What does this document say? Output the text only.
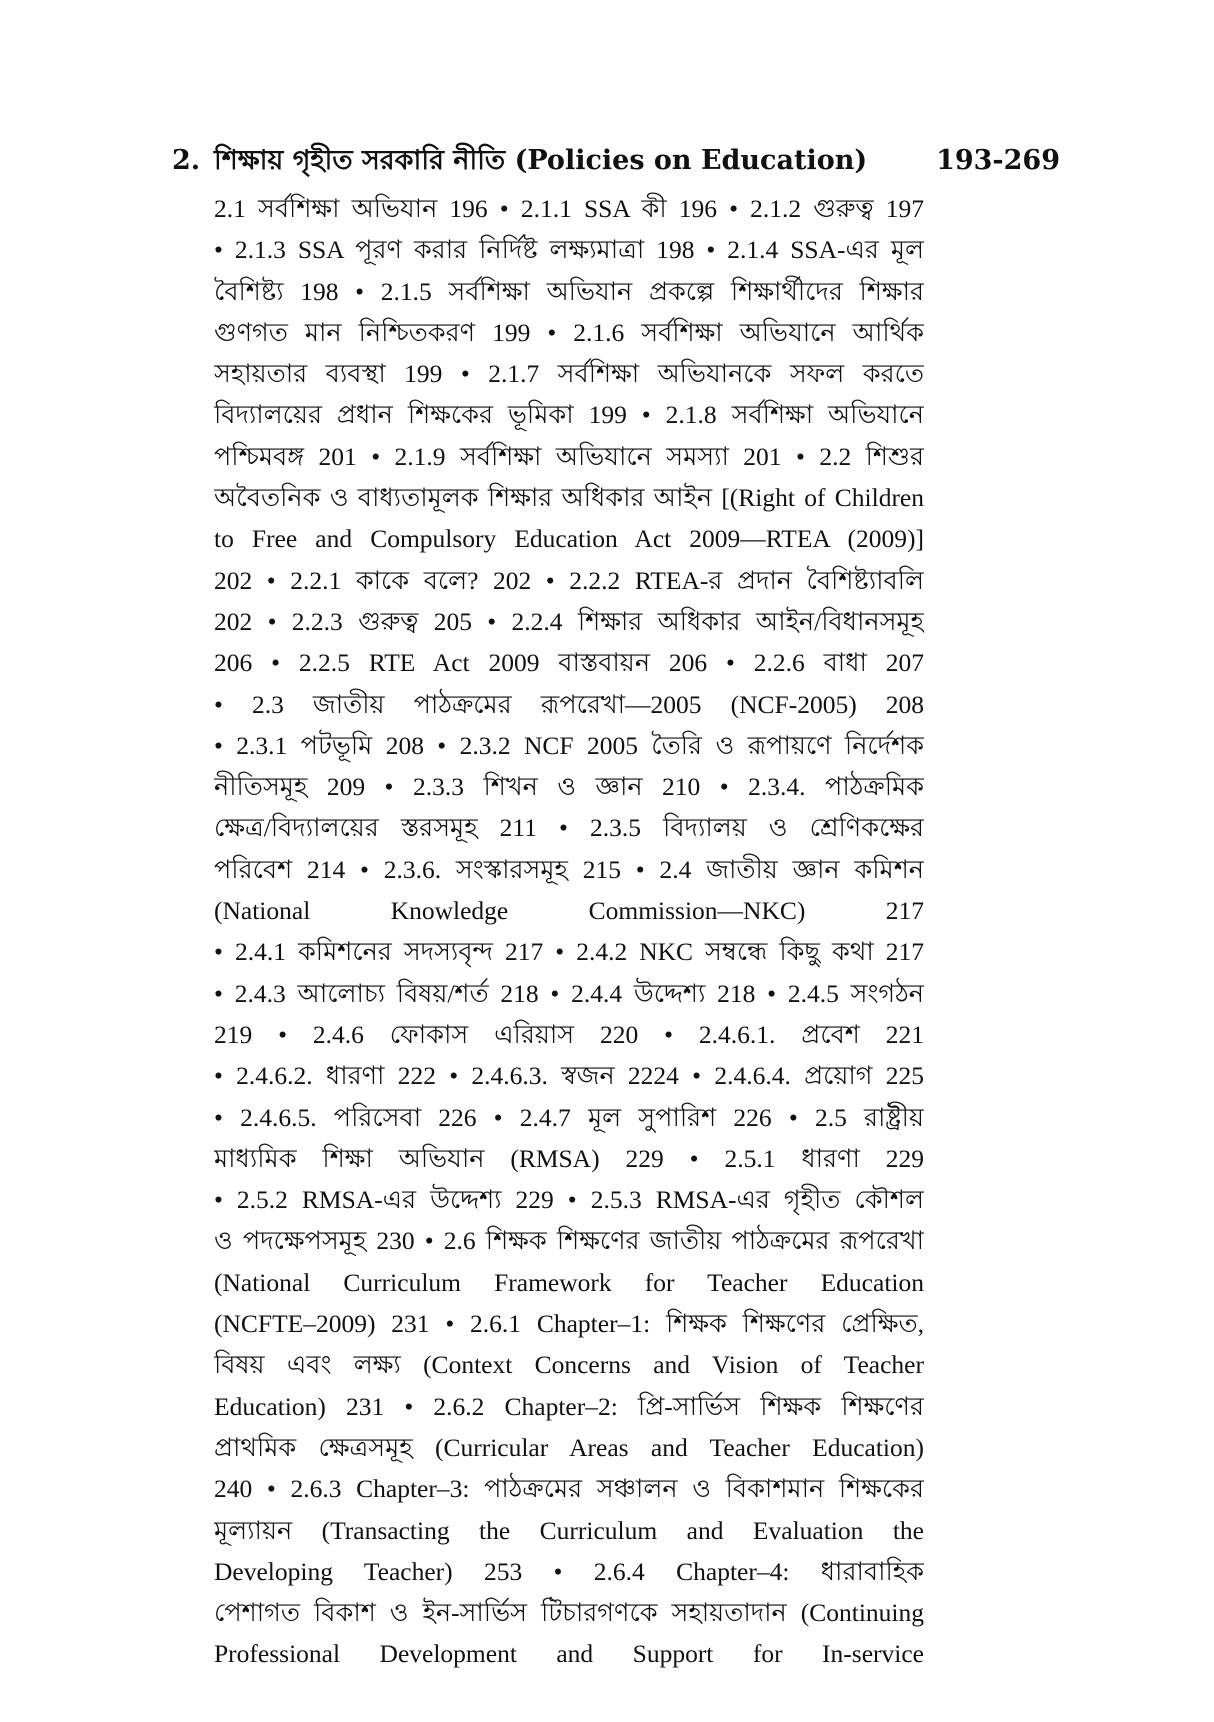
2. শিক্ষায় গৃহীত সরকারি নীতি (Policies on Education)	193-269
2.1 সর্বশিক্ষা অভিযান 196 • 2.1.1 SSA কী 196 • 2.1.2 গুরুত্ব 197
• 2.1.3 SSA পূরণ করার নির্দিষ্ট লক্ষ্যমাত্রা 198 • 2.1.4 SSA-এর মূল
বৈশিষ্ট্য 198 • 2.1.5 সর্বশিক্ষা অভিযান প্রকল্পে শিক্ষার্থীদের শিক্ষার
গুণগত মান নিশ্চিতকরণ 199 • 2.1.6 সর্বশিক্ষা অভিযানে আর্থিক
সহায়তার ব্যবস্থা 199 • 2.1.7 সর্বশিক্ষা অভিযানকে সফল করতে
বিদ্যালয়ের প্রধান শিক্ষকের ভূমিকা 199 • 2.1.8 সর্বশিক্ষা অভিযানে
পশ্চিমবঙ্গ 201 • 2.1.9 সর্বশিক্ষা অভিযানে সমস্যা 201 • 2.2 শিশুর
অবৈতনিক ও বাধ্যতামূলক শিক্ষার অধিকার আইন [(Right of Children
to Free and Compulsory Education Act 2009—RTEA (2009)]
202 • 2.2.1 কাকে বলে? 202 • 2.2.2 RTEA-র প্রদান বৈশিষ্ট্যাবলি
202 • 2.2.3 গুরুত্ব 205 • 2.2.4 শিক্ষার অধিকার আইন/বিধানসমূহ
206 • 2.2.5 RTE Act 2009 বাস্তবায়ন 206 • 2.2.6 বাধা 207
• 2.3 জাতীয় পাঠক্রমের রূপরেখা—2005 (NCF-2005) 208
• 2.3.1 পটভূমি 208 • 2.3.2 NCF 2005 তৈরি ও রূপায়ণে নির্দেশক
নীতিসমূহ 209 • 2.3.3 শিখন ও জ্ঞান 210 • 2.3.4. পাঠক্রমিক
ক্ষেত্র/বিদ্যালয়ের স্তরসমূহ 211 • 2.3.5 বিদ্যালয় ও শ্রেণিকক্ষের
পরিবেশ 214 • 2.3.6. সংস্কারসমূহ 215 • 2.4 জাতীয় জ্ঞান কমিশন
(National Knowledge Commission—NKC) 217
• 2.4.1 কমিশনের সদস্যবৃন্দ 217 • 2.4.2 NKC সম্বন্ধে কিছু কথা 217
• 2.4.3 আলোচ্য বিষয়/শর্ত 218 • 2.4.4 উদ্দেশ্য 218 • 2.4.5 সংগঠন
219 • 2.4.6 ফোকাস এরিয়াস 220 • 2.4.6.1. প্রবেশ 221
• 2.4.6.2. ধারণা 222 • 2.4.6.3. স্বজন 2224 • 2.4.6.4. প্রয়োগ 225
• 2.4.6.5. পরিসেবা 226 • 2.4.7 মূল সুপারিশ 226 • 2.5 রাষ্ট্রীয়
মাধ্যমিক শিক্ষা অভিযান (RMSA) 229 • 2.5.1 ধারণা 229
• 2.5.2 RMSA-এর উদ্দেশ্য 229 • 2.5.3 RMSA-এর গৃহীত কৌশল
ও পদক্ষেপসমূহ 230 • 2.6 শিক্ষক শিক্ষণের জাতীয় পাঠক্রমের রূপরেখা
(National Curriculum Framework for Teacher Education
(NCFTE–2009) 231 • 2.6.1 Chapter–1: শিক্ষক শিক্ষণের প্রেক্ষিত,
বিষয় এবং লক্ষ্য (Context Concerns and Vision of Teacher
Education) 231 • 2.6.2 Chapter–2: প্রি-সার্ভিস শিক্ষক শিক্ষণের
প্রাথমিক ক্ষেত্রসমূহ (Curricular Areas and Teacher Education)
240 • 2.6.3 Chapter–3: পাঠক্রমের সঞ্চালন ও বিকাশমান শিক্ষকের
মূল্যায়ন (Transacting the Curriculum and Evaluation the
Developing Teacher) 253 • 2.6.4 Chapter–4: ধারাবাহিক
পেশাগত বিকাশ ও ইন-সার্ভিস টিচারগণকে সহায়তাদান (Continuing
Professional Development and Support for In-service
